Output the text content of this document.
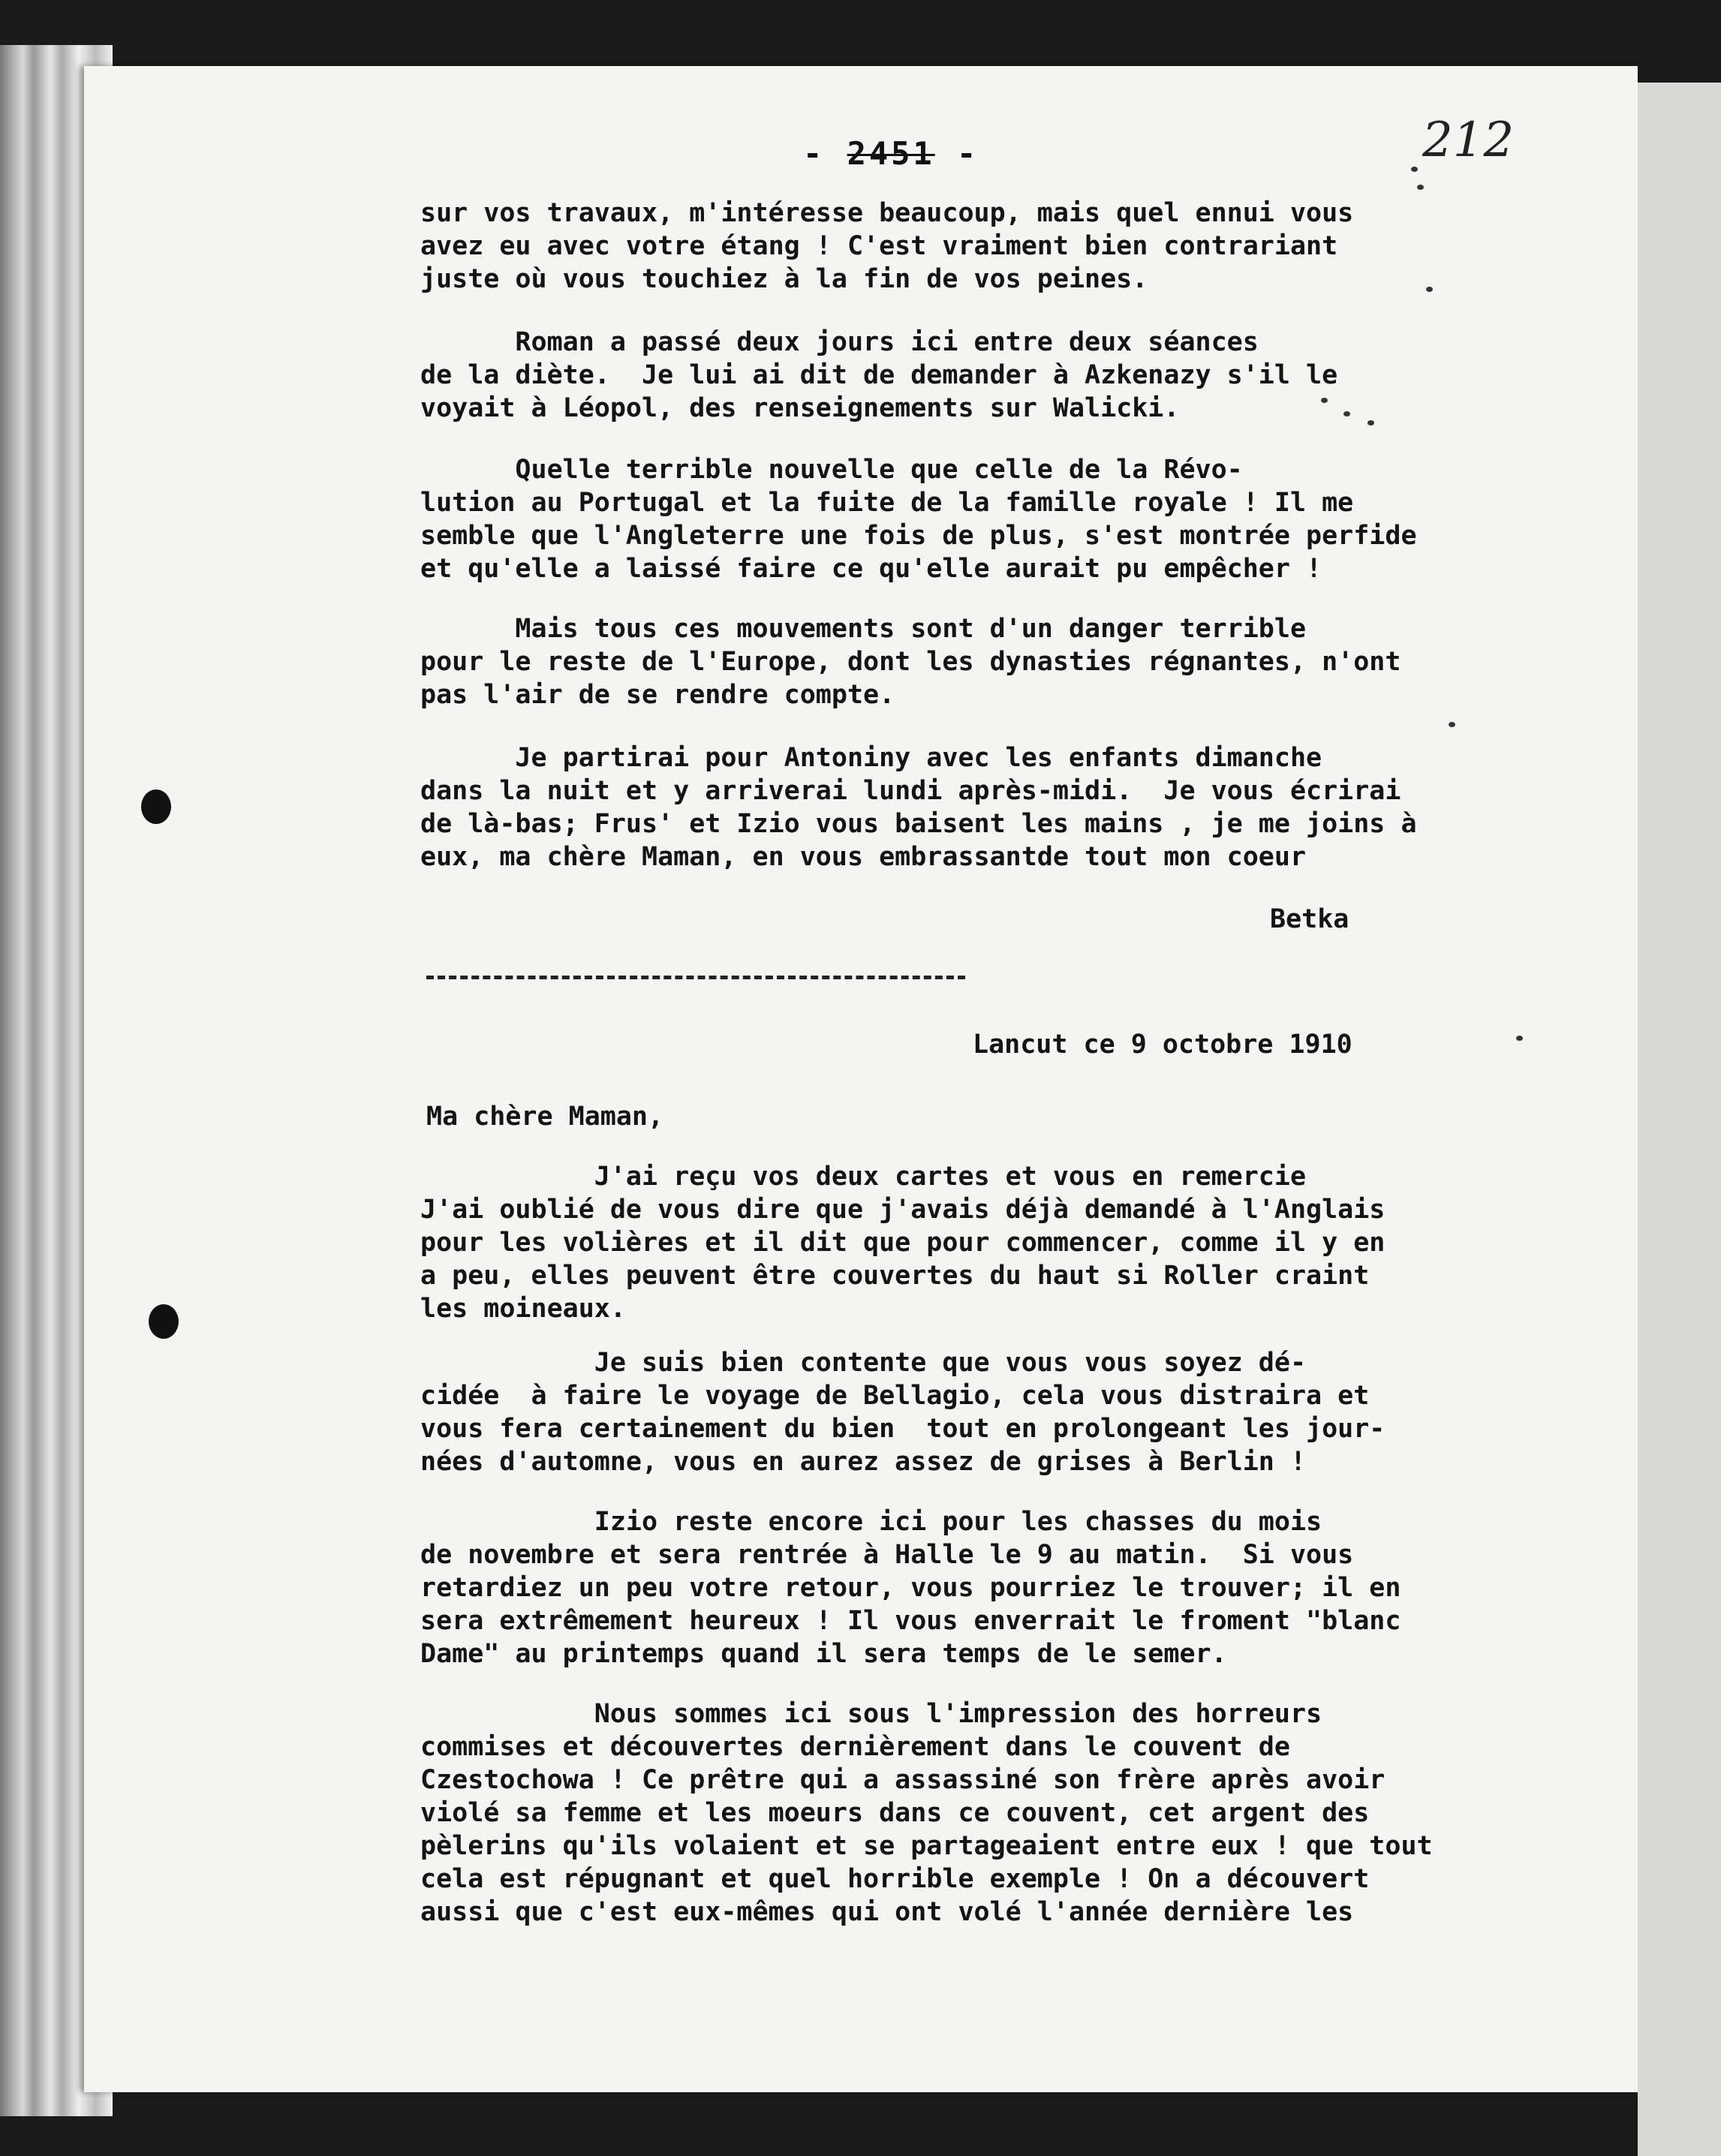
- 2451 -	212
sur vos travaux, m'intéresse beaucoup, mais quel ennui vous
avez eu avec votre étang ! C'est vraiment bien contrariant
juste où vous touchiez à la fin de vos peines.
Roman a passé deux jours ici entre deux séances
de la diète.  Je lui ai dit de demander à Azkenazy s'il le
voyait à Léopol, des renseignements sur Walicki.
Quelle terrible nouvelle que celle de la Révo-
lution au Portugal et la fuite de la famille royale ! Il me
semble que l'Angleterre une fois de plus, s'est montrée perfide
et qu'elle a laissé faire ce qu'elle aurait pu empêcher !
Mais tous ces mouvements sont d'un danger terrible
pour le reste de l'Europe, dont les dynasties régnantes, n'ont
pas l'air de se rendre compte.
Je partirai pour Antoniny avec les enfants dimanche
dans la nuit et y arriverai lundi après-midi.  Je vous écrirai
de là-bas; Frus' et Izio vous baisent les mains , je me joins à
eux, ma chère Maman, en vous embrassantde tout mon coeur
Betka
Lancut ce 9 octobre 1910
Ma chère Maman,
J'ai reçu vos deux cartes et vous en remercie
J'ai oublié de vous dire que j'avais déjà demandé à l'Anglais
pour les volières et il dit que pour commencer, comme il y en
a peu, elles peuvent être couvertes du haut si Roller craint
les moineaux.
Je suis bien contente que vous vous soyez dé-
cidée  à faire le voyage de Bellagio, cela vous distraira et
vous fera certainement du bien  tout en prolongeant les jour-
nées d'automne, vous en aurez assez de grises à Berlin !
Izio reste encore ici pour les chasses du mois
de novembre et sera rentrée à Halle le 9 au matin.  Si vous
retardiez un peu votre retour, vous pourriez le trouver; il en
sera extrêmement heureux ! Il vous enverrait le froment "blanc
Dame" au printemps quand il sera temps de le semer.
Nous sommes ici sous l'impression des horreurs
commises et découvertes dernièrement dans le couvent de
Czestochowa ! Ce prêtre qui a assassiné son frère après avoir
violé sa femme et les moeurs dans ce couvent, cet argent des
pèlerins qu'ils volaient et se partageaient entre eux ! que tout
cela est répugnant et quel horrible exemple ! On a découvert
aussi que c'est eux-mêmes qui ont volé l'année dernière les
